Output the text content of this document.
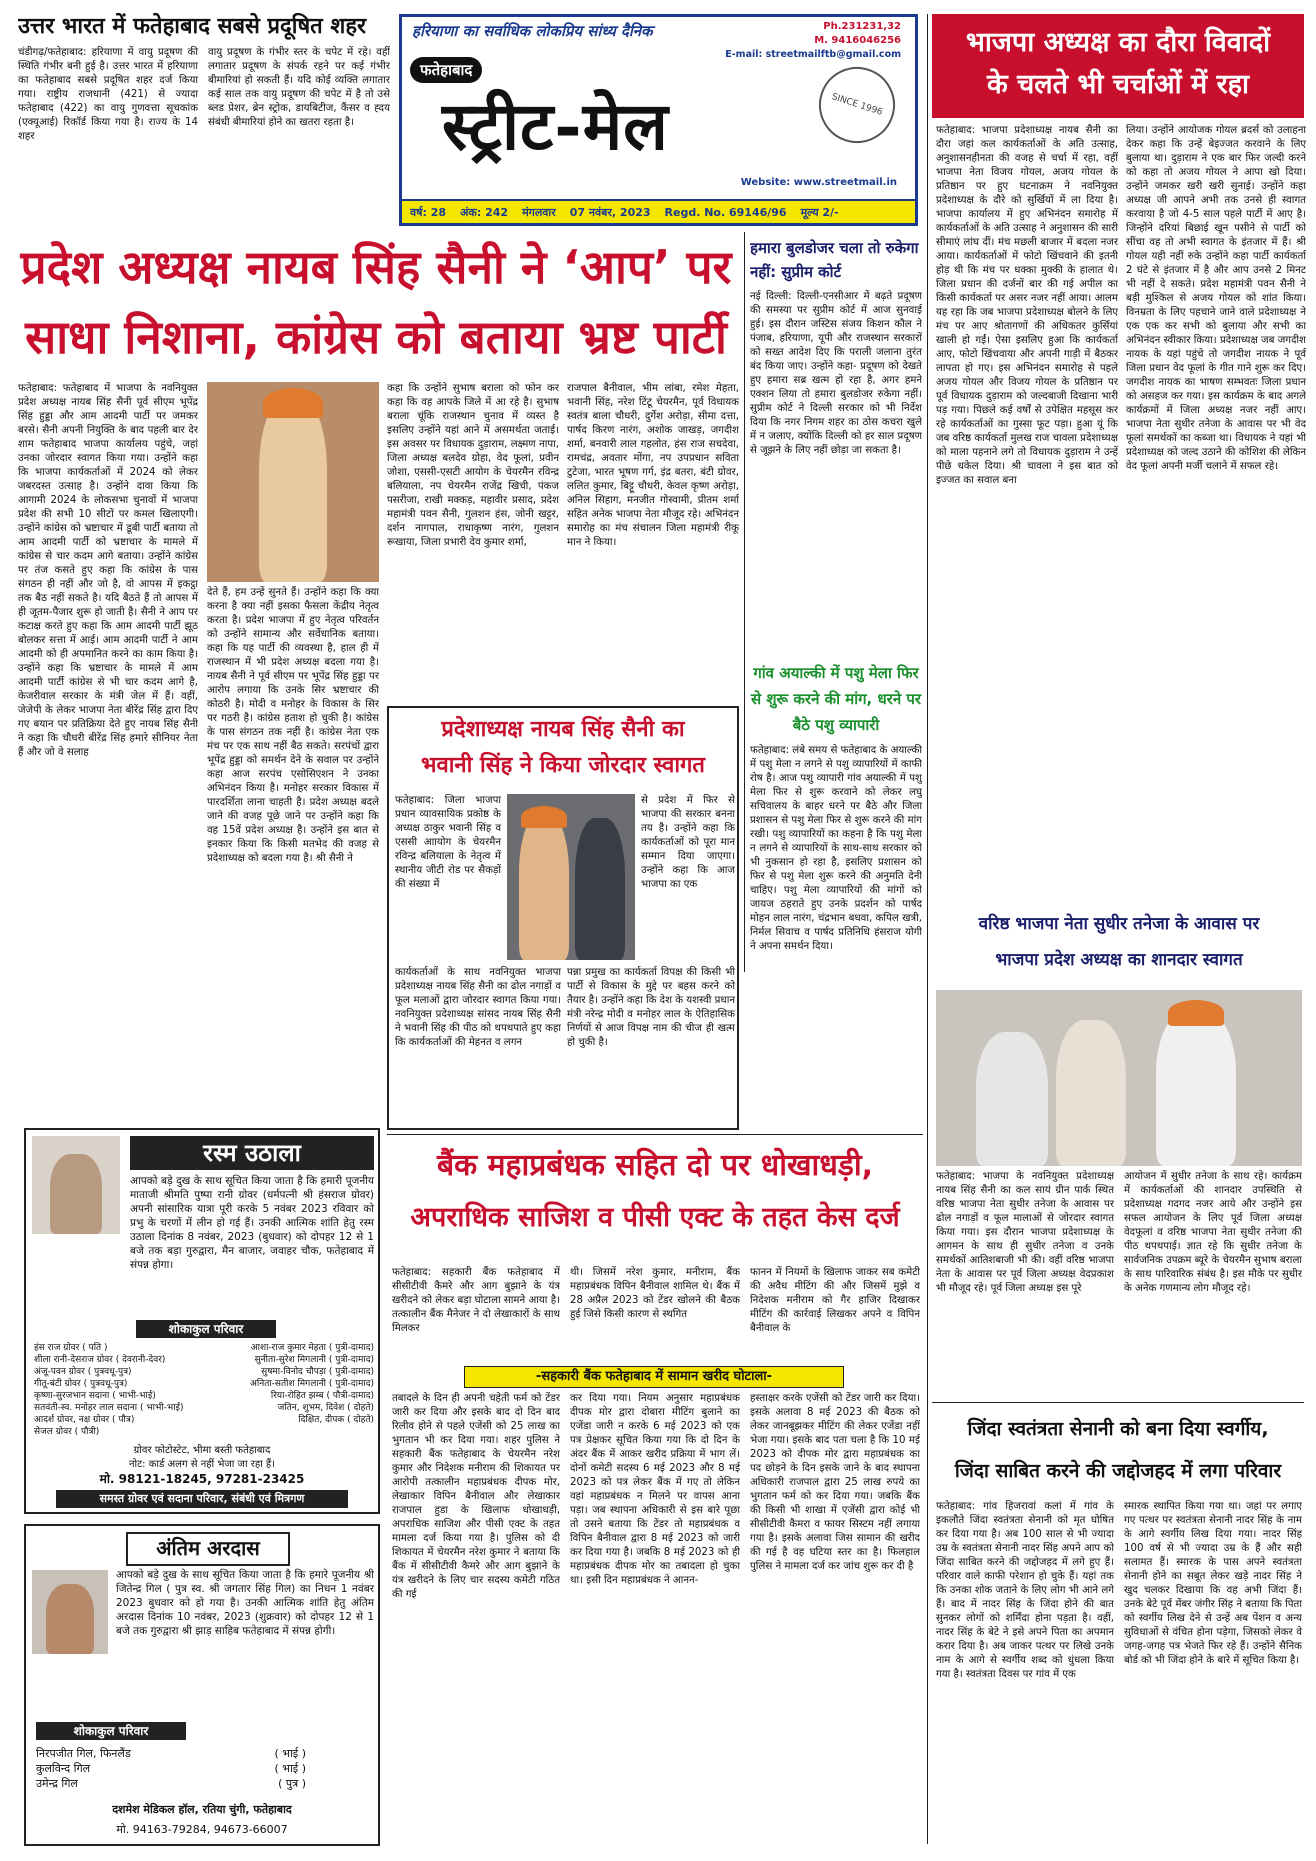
हरियाणा का सर्वाधिक लोकप्रिय सांध्य दैनिक	Ph.231231,32
M. 9416046256
E-mail: streetmailftb@gmail.com
फतेहाबाद
स्ट्रीट-मेल	SINCE 1996
Website: www.streetmail.in
वर्ष: 28 अंक: 242 मंगलवार 07 नवंबर, 2023 Regd. No. 69146/96 मूल्य 2/-
उत्तर भारत में फतेहाबाद सबसे प्रदूषित शहर
चंडीगढ़/फतेहाबाद: हरियाणा में वायु प्रदूषण की स्थिति गंभीर बनी हुई है। उत्तर भारत में हरियाणा का फतेहाबाद सबसे प्रदूषित शहर दर्ज किया गया। राष्ट्रीय राजधानी (421) से ज्यादा फतेहाबाद (422) का वायु गुणवत्ता सूचकांक (एक्यूआई) रिकॉर्ड किया गया है। राज्य के 14 शहर
वायु प्रदूषण के गंभीर स्तर के चपेट में रहे। वहीं लगातार प्रदूषण के संपर्क रहने पर कई गंभीर बीमारियां हो सकती हैं। यदि कोई व्यक्ति लगातार कई साल तक वायु प्रदूषण की चपेट में है तो उसे ब्लड प्रेशर, ब्रेन स्ट्रोक, डायबिटीज, कैंसर व ह्दय संबंधी बीमारियां होने का खतरा रहता है।
भाजपा अध्यक्ष का दौरा विवादों
के चलते भी चर्चाओं में रहा
फतेहाबाद: भाजपा प्रदेशाध्यक्ष नायब सैनी का दौरा जहां कल कार्यकर्ताओं के अति उत्साह, अनुशासनहीनता की वजह से चर्चा में रहा, वहीं भाजपा नेता विजय गोयल, अजय गोयल के प्रतिष्ठान पर हुए घटनाक्रम ने नवनियुक्त प्रदेशाध्यक्ष के दौरे को सुर्खियों में ला दिया है। भाजपा कार्यालय में हुए अभिनंदन समारोह में कार्यकर्ताओं के अति उत्साह ने अनुशासन की सारी सीमाएं लांघ दीं। मंच मछली बाजार में बदला नजर आया। कार्यकर्ताओं में फोटो खिंचवाने की इतनी होड़ थी कि मंच पर धक्का मुक्की के हालात थे। जिला प्रधान की दर्जनों बार की गई अपील का किसी कार्यकर्ता पर असर नजर नहीं आया। आलम यह रहा कि जब भाजपा प्रदेशाध्यक्ष बोलने के लिए मंच पर आए श्रोतागणों की अधिकतर कुर्सियां खाली हो गईं। ऐसा इसलिए हुआ कि कार्यकर्ता आए, फोटो खिंचवाया और अपनी गाड़ी में बैठकर लापता हो गए। इस अभिनंदन समारोह से पहले अजय गोयल और विजय गोयल के प्रतिष्ठान पर पूर्व विधायक दुड़ाराम को जल्दबाजी दिखाना भारी पड़ गया। पिछले कई वर्षों से उपेक्षित महसूस कर रहे कार्यकर्ताओं का गुस्सा फूट पड़ा। हुआ यूं कि जब वरिष्ठ कार्यकर्ता मुलख राज चावला प्रदेशाध्यक्ष को माला पहनाने लगे तो विधायक दुड़ाराम ने उन्हें पीछे धकेल दिया। श्री चावला ने इस बात को इज्जत का सवाल बना
लिया। उन्होंने आयोजक गोयल ब्रदर्स को उलाहना देकर कहा कि उन्हें बेइज्जत करवाने के लिए बुलाया था। दुड़ाराम ने एक बार फिर जल्दी करने को कहा तो अजय गोयल ने आपा खो दिया। उन्होंने जमकर खरी खरी सुनाई। उन्होंने कहा अध्यक्ष जी आपने अभी तक उनसे ही स्वागत करवाया है जो 4-5 साल पहले पार्टी में आए है। जिन्होंने दरियां बिछाई खून पसीने से पार्टी को सींचा वह तो अभी स्वागत के इंतजार में हैं। श्री गोयल यही नहीं रुके उन्होंने कहा पार्टी कार्यकर्ता 2 घंटे से इंतजार में है और आप उनसे 2 मिनट भी नहीं दे सकते। प्रदेश महामंत्री पवन सैनी ने बड़ी मुश्किल से अजय गोयल को शांत किया। विनम्रता के लिए पहचाने जाने वाले प्रदेशाध्यक्ष ने एक एक कर सभी को बुलाया और सभी का अभिनंदन स्वीकार किया। प्रदेशाध्यक्ष जब जगदीश नायक के यहां पहुंचे तो जगदीश नायक ने पूर्व जिला प्रधान वेद फूलां के गीत गाने शुरू कर दिए। जगदीश नायक का भाषण सम्भवतः जिला प्रधान को असहज कर गया। इस कार्यक्रम के बाद अगले कार्यक्रमों में जिला अध्यक्ष नजर नहीं आए। भाजपा नेता सुधीर तनेजा के आवास पर भी वेद फूलां समर्थकों का कब्जा था। विधायक ने यहां भी प्रदेशाध्यक्ष को जल्द उठाने की कोशिश की लेकिन वेद फूलां अपनी मर्जी चलाने में सफल रहे।
प्रदेश अध्यक्ष नायब सिंह सैनी ने ‘आप’ पर
साधा निशाना, कांग्रेस को बताया भ्रष्ट पार्टी
फतेहाबाद: फतेहाबाद में भाजपा के नवनियुक्त प्रदेश अध्यक्ष नायब सिंह सैनी पूर्व सीएम भूपेंद्र सिंह हुड्डा और आम आदमी पार्टी पर जमकर बरसे। सैनी अपनी नियुक्ति के बाद पहली बार देर शाम फतेहाबाद भाजपा कार्यालय पहुंचे, जहां उनका जोरदार स्वागत किया गया। उन्होंने कहा कि भाजपा कार्यकर्ताओं में 2024 को लेकर जबरदस्त उत्साह है। उन्होंने दावा किया कि आगामी 2024 के लोकसभा चुनावों में भाजपा प्रदेश की सभी 10 सीटों पर कमल खिलाएगी। उन्होंने कांग्रेस को भ्रष्टाचार में डूबी पार्टी बताया तो आम आदमी पार्टी को भ्रष्टाचार के मामले में कांग्रेस से चार कदम आगे बताया। उन्होंने कांग्रेस पर तंज कसते हुए कहा कि कांग्रेस के पास संगठन ही नहीं और जो है, वो आपस में इकट्ठा तक बैठ नहीं सकते है। यदि बैठते हैं तो आपस में ही जूतम-पैजार शुरू हो जाती है। सैनी ने आप पर कटाक्ष करते हुए कहा कि आम आदमी पार्टी झूठ बोलकर सत्ता में आई। आम आदमी पार्टी ने आम आदमी को ही अपमानित करने का काम किया है। उन्होंने कहा कि भ्रष्टाचार के मामले में आम आदमी पार्टी कांग्रेस से भी चार कदम आगे है, केजरीवाल सरकार के मंत्री जेल में हैं। वहीं, जेजेपी के लेकर भाजपा नेता बीरेंद्र सिंह द्वारा दिए गए बयान पर प्रतिक्रिया देते हुए नायब सिंह सैनी ने कहा कि चौधरी बीरेंद्र सिंह हमारे सीनियर नेता हैं और जो वे सलाह
देते हैं, हम उन्हें सुनते हैं। उन्होंने कहा कि क्या करना है क्या नहीं इसका फैसला केंद्रीय नेतृत्व करता है। प्रदेश भाजपा में हुए नेतृत्व परिवर्तन को उन्होंने सामान्य और सर्वेधानिक बताया। कहा कि यह पार्टी की व्यवस्था है, हाल ही में राजस्थान में भी प्रदेश अध्यक्ष बदला गया है। नायब सैनी ने पूर्व सीएम पर भूपेंद्र सिंह हुड्डा पर आरोप लगाया कि उनके सिर भ्रष्टाचार की कोठरी है। मोदी व मनोहर के विकास के सिर पर गठरी है। कांग्रेस हताश हो चुकी है। कांग्रेस के पास संगठन तक नहीं है। कांग्रेस नेता एक मंच पर एक साथ नहीं बैठ सकते। सरपंचों द्वारा भूपेंद्र हुड्डा को समर्थन देने के सवाल पर उन्होंने कहा आज सरपंच एसोसिएशन ने उनका अभिनंदन किया है। मनोहर सरकार विकास में पारदर्शिता लाना चाहती है। प्रदेश अध्यक्ष बदले जाने की वजह पूछे जाने पर उन्होंने कहा कि वह 15वें प्रदेश अध्यक्ष है। उन्होंने इस बात से इनकार किया कि किसी मतभेद की वजह से प्रदेशाध्यक्ष को बदला गया है। श्री सैनी ने
कहा कि उन्होंने सुभाष बराला को फोन कर कहा कि वह आपके जिले में आ रहे है। सुभाष बराला चूंकि राजस्थान चुनाव में व्यस्त है इसलिए उन्होंने यहां आने में असमर्थता जताई। इस अवसर पर विधायक दुड़ाराम, लक्ष्मण नापा, जिला अध्यक्ष बलदेव ग्रोहा, वेद फूलां, प्रवीन जोशा, एससी-एसटी आयोग के चेयरमैन रविन्द्र बलियाला, नप चेयरमैन राजेंद्र खिची, पंकज पसरीजा, राखी मक्कड़, महावीर प्रसाद, प्रदेश महामंत्री पवन सैनी, गुलशन हंस, जोनी खट्टर, दर्शन नागपाल, राधाकृष्ण नारंग, गुलशन रूखाया, जिला प्रभारी देव कुमार शर्मा,
राजपाल बैनीवाल, भीम लांबा, रमेश मेहता, भवानी सिंह, नरेश टिंटू चेयरमैन, पूर्व विधायक स्वतंत्र बाला चौधरी, दुर्गेश अरोड़ा, सीमा दत्ता, पार्षद किरण नारंग, अशोक जाखड़, जगदीश शर्मा, बनवारी लाल गहलोत, हंस राज सचदेवा, रामचंद्र, अवतार मोंगा, नप उपप्रधान सविता टुटेजा, भारत भूषण गर्ग, इंद्र बतरा, बंटी ग्रोवर, ललित कुमार, बिट्टू चौधरी, केवल कृष्ण अरोड़ा, अनिल सिहाग, मनजीत गोस्वामी, प्रीतम शर्मा सहित अनेक भाजपा नेता मौजूद रहे। अभिनंदन समारोह का मंच संचालन जिला महामंत्री रीकू मान ने किया।
हमारा बुलडोजर चला तो रुकेगा नहीं: सुप्रीम कोर्ट
नई दिल्ली: दिल्ली-एनसीआर में बढ़ते प्रदूषण की समस्या पर सुप्रीम कोर्ट में आज सुनवाई हुई। इस दौरान जस्टिस संजय किशन कौल ने पंजाब, हरियाणा, यूपी और राजस्थान सरकारों को सख्त आदेश दिए कि पराली जलाना तुरंत बंद किया जाए। उन्होंने कहा- प्रदूषण को देखते हुए हमारा सब्र खत्म हो रहा है, अगर हमने एक्शन लिया तो हमारा बुलडोजर रुकेगा नहीं। सुप्रीम कोर्ट ने दिल्ली सरकार को भी निर्देश दिया कि नगर निगम शहर का ठोस कचरा खुले में न जलाए, क्योंकि दिल्ली को हर साल प्रदूषण से जूझने के लिए नहीं छोड़ा जा सकता है।
गांव अयाल्की में पशु मेला फिर से शुरू करने की मांग, धरने पर बैठे पशु व्यापारी
फतेहाबाद: लंबे समय से फतेहाबाद के अयाल्की में पशु मेला न लगने से पशु व्यापारियों में काफी रोष है। आज पशु व्यापारी गांव अयाल्की में पशु मेला फिर से शुरू करवाने को लेकर लघु सचिवालय के बाहर धरने पर बैठे और जिला प्रशासन से पशु मेला फिर से शुरू करने की मांग रखी। पशु व्यापारियों का कहना है कि पशु मेला न लगने से व्यापारियों के साथ-साथ सरकार को भी नुकसान हो रहा है, इसलिए प्रशासन को फिर से पशु मेला शुरू करने की अनुमति देनी चाहिए। पशु मेला व्यापारियों की मांगों को जायज ठहराते हुए उनके प्रदर्शन को पार्षद मोहन लाल नारंग, चंद्रभान बधवा, कपिल खत्री, निर्मल सिवाच व पार्षद प्रतिनिधि हंसराज योगी ने अपना समर्थन दिया।
प्रदेशाध्यक्ष नायब सिंह सैनी का
भवानी सिंह ने किया जोरदार स्वागत
फतेहाबाद: जिला भाजपा प्रधान व्यावसायिक प्रकोष्ठ के अध्यक्ष ठाकुर भवानी सिंह व एससी आायोग के चेयरमैन रविन्द्र बलियाला के नेतृत्व में स्थानीय जीटी रोड पर सैकड़ों की संख्या में
से प्रदेश में फिर से भाजपा की सरकार बनना तय है। उन्होंने कहा कि कार्यकर्ताओं को पूरा मान सम्मान दिया जाएगा। उन्होंने कहा कि आज भाजपा का एक
कार्यकर्ताओं के साथ नवनियुक्त भाजपा प्रदेशाध्यक्ष नायब सिंह सैनी का ढोल नगाड़ों व फूल मलाओं द्वारा जोरदार स्वागत किया गया। नवनियुक्त प्रदेशाध्यक्ष सांसद नायब सिंह सैनी ने भवानी सिंह की पीठ को थपथपाते हुए कहा कि कार्यकर्ताओं की मेहनत व लगन
पन्ना प्रमुख का कार्यकर्ता विपक्ष की किसी भी पार्टी से विकास के मुद्दे पर बहस करने को तैयार है। उन्होंने कहा कि देश के यशस्वी प्रधान मंत्री नरेन्द्र मोदी व मनोहर लाल के ऐतिहासिक निर्णयों से आज विपक्ष नाम की चीज ही खत्म हो चुकी है।
वरिष्ठ भाजपा नेता सुधीर तनेजा के आवास पर
भाजपा प्रदेश अध्यक्ष का शानदार स्वागत
फतेहाबाद: भाजपा के नवनियुक्त प्रदेशाध्यक्ष नायब सिंह सैनी का कल सायं ग्रीन पार्क स्थित वरिष्ठ भाजपा नेता सुधीर तनेजा के आवास पर ढोल नगाड़ों व फूल मालाओं से जोरदार स्वागत किया गया। इस दौरान भाजपा प्रदेशाध्यक्ष के आगमन के साथ ही सुधीर तनेजा व उनके समर्थकों आतिशबाजी भी की। वहीं वरिष्ठ भाजपा नेता के आवास पर पूर्व जिला अध्यक्ष वेदप्रकाश भी मौजूद रहे। पूर्व जिला अध्यक्ष इस पूरे
आयोजन में सुधीर तनेजा के साथ रहे। कार्यक्रम में कार्यकर्ताओं की शानदार उपस्थिति से प्रदेशाध्यक्ष गदगद नजर आये और उन्होंने इस सफल आयोजन के लिए पूर्व जिला अध्यक्ष वेदफूलां व वरिष्ठ भाजपा नेता सुधीर तनेजा की पीठ थपथपाई। ज्ञात रहे कि सुधीर तनेजा के सार्वजनिक उपक्रम ब्यूरे के चेयरमैन सुभाष बराला के साथ पारिवारिक संबंध है। इस मौके पर सुधीर के अनेक गणमान्य लोग मौजूद रहे।
रस्म उठाला
आपको बड़े दुख के साथ सूचित किया जाता है कि हमारी पूजनीय माताजी श्रीमति पुष्पा रानी ग्रोवर (धर्मपत्नी श्री हंसराज ग्रोवर) अपनी सांसारिक यात्रा पूरी करके 5 नवंबर 2023 रविवार को प्रभु के चरणों में लीन हो गई हैं। उनकी आत्मिक शांति हेतु रस्म उठाला दिनांक 8 नवंबर, 2023 (बुधवार) को दोपहर 12 से 1 बजे तक बड़ा गुरुद्वारा, मैन बाजार, जवाहर चौक, फतेहाबाद में संपन्न होगा।
शोकाकुल परिवार
हंस राज ग्रोवर ( पति )	आशा-राज कुमार मेहता ( पुत्री-दामाद)
शीला रानी-देसराज ग्रोवर ( देवरानी-देवर)	सुनीता-सुरेश मिगलानी ( पुत्री-दामाद)
अंजू-पवन ग्रोवर ( पुत्रवधू-पुत्र)	सुषमा-विनोद चौपड़ा ( पुत्री-दामाद)
गीतू-बंटी ग्रोवर ( पुत्रवधू-पुत्र)	अनिता-सतीश मिगलानी ( पुत्री-दामाद)
कृष्णा-सुरजभान सदाना ( भाभी-भाई)	रिया-रोहित झम्ब ( पौत्री-दामाद)
सतवंती-स्व. मनोहर लाल सदाना ( भाभी-भाई)	जतिन, शुभम, दिवेश ( दोहते)
आदर्श ग्रोवर, नक्ष ग्रोवर ( पौत्र)	दिक्षित, दीपक ( दोहते)
सेजल ग्रोवर ( पौत्री)
ग्रोवर फोटोस्टेट, भीमा बस्ती फतेहाबाद
नोट: कार्ड अलग से नहीं भेजा जा रहा हैं।
मो. 98121-18245, 97281-23425
समस्त ग्रोवर एवं सदाना परिवार, संबंधी एवं मित्रगण
अंतिम अरदास
आपको बड़े दुख के साथ सूचित किया जाता है कि हमारे पूजनीय श्री जितेन्द्र गिल ( पुत्र स्व. श्री जगतार सिंह गिल) का निधन 1 नवंबर 2023 बुधवार को हो गया है। उनकी आत्मिक शांति हेतु अंतिम अरदास दिनांक 10 नवंबर, 2023 (शुक्रवार) को दोपहर 12 से 1 बजे तक गुरुद्वारा श्री झाड़ साहिब फतेहाबाद में संपन्न होगी।
शोकाकुल परिवार
निरपजीत गिल, फिनलैंड	( भाई )
कुलविन्द गिल	( भाई )
उमेन्द्र गिल	( पुत्र )
दशमेश मेडिकल हॉल, रतिया चुंगी, फतेहाबाद
मो. 94163-79284, 94673-66007
बैंक महाप्रबंधक सहित दो पर धोखाधड़ी,
अपराधिक साजिश व पीसी एक्ट के तहत केस दर्ज
फतेहाबाद: सहकारी बैंक फतेहाबाद में सीसीटीवी कैमरे और आग बुझाने के यंत्र खरीदने को लेकर बड़ा घोटाला सामने आया है। तत्कालीन बैंक मैनेजर ने दो लेखाकारों के साथ मिलकर
थी। जिसमें नरेश कुमार, मनीराम, बैंक महाप्रबंधक विपिन बैनीवाल शामिल थे। बैंक में 28 अप्रैल 2023 को टेंडर खोलने की बैठक हुई जिसे किसी कारण से स्थगित
फानन में नियमों के खिलाफ जाकर सब कमेटी की अवैध मीटिंग की और जिसमें मुझे व निदेशक मनीराम को गैर हाजिर दिखाकर मीटिंग की कार्रवाई लिखकर अपने व विपिन बैनीवाल के
-सहकारी बैंक फतेहाबाद में सामान खरीद घोटाला-
तबादले के दिन ही अपनी चहेती फर्म को टेंडर जारी कर दिया और इसके बाद दो दिन बाद रिलीव होने से पहले एजेंसी को 25 लाख का भुगतान भी कर दिया गया। शहर पुलिस ने सहकारी बैंक फतेहाबाद के चेयरमैन नरेश कुमार और निदेशक मनीराम की शिकायत पर आरोपी तत्कालीन महाप्रबंधक दीपक मोर, लेखाकार विपिन बैनीवाल और लेखाकार राजपाल हुडा के खिलाफ धोखाधड़ी, अपराधिक साजिश और पीसी एक्ट के तहत मामला दर्ज किया गया है। पुलिस को दी शिकायत में चेयरमैन नरेश कुमार ने बताया कि बैंक में सीसीटीवी कैमरे और आग बुझाने के यंत्र खरीदने के लिए चार सदस्य कमेटी गठित की गई
कर दिया गया। नियम अनुसार महाप्रबंधक दीपक मोर द्वारा दोबारा मीटिंग बुलाने का एजेंडा जारी न करके 6 मई 2023 को एक पत्र प्रेक्षकर सूचित किया गया कि दो दिन के अंदर बैंक में आकर खरीद प्रक्रिया में भाग लें। दोनों कमेटी सदस्य 6 मई 2023 और 8 मई 2023 को पत्र लेकर बैंक में गए तो लेकिन वहां महाप्रबंधक न मिलने पर वापस आना पड़ा। जब स्थापना अधिकारी से इस बारे पूछा तो उसने बताया कि टेंडर तो महाप्रबंधक व विपिन बैनीवाल द्वारा 8 मई 2023 को जारी कर दिया गया है। जबकि 8 मई 2023 को ही महाप्रबंधक दीपक मोर का तबादला हो चुका था। इसी दिन महाप्रबंधक ने आनन-
हस्ताक्षर करके एजेंसी को टेंडर जारी कर दिया। इसके अलावा 8 मई 2023 की बैठक को लेकर जानबूझकर मीटिंग की लेकर एजेंडा नहीं भेजा गया। इसके बाद पता चला है कि 10 मई 2023 को दीपक मोर द्वारा महाप्रबंधक का पद छोड़ने के दिन इसके जाने के बाद स्थापना अधिकारी राजपाल द्वारा 25 लाख रुपये का भुगतान फर्म को कर दिया गया। जबकि बैंक की किसी भी शाखा में एजेंसी द्वारा कोई भी सीसीटीवी कैमरा व फायर सिस्टम नहीं लगाया गया है। इसके अलावा जिस सामान की खरीद की गई है वह घटिया स्तर का है। फिलहाल पुलिस ने मामला दर्ज कर जांच शुरू कर दी है
जिंदा स्वतंत्रता सेनानी को बना दिया स्वर्गीय,
जिंदा साबित करने की जद्दोजहद में लगा परिवार
फतेहाबाद: गांव हिजरावां कलां में गांव के इकलौते जिंदा स्वतंत्रता सेनानी को मृत घोषित कर दिया गया है। अब 100 साल से भी ज्यादा उम्र के स्वतंत्रता सेनानी नादर सिंह अपने आप को जिंदा साबित करने की जद्दोजहद में लगे हुए हैं। परिवार वाले काफी परेशान हो चुके हैं। यहां तक कि उनका शोक जताने के लिए लोग भी आने लगे हैं। बाद में नादर सिंह के जिंदा होने की बात सुनकर लोगों को शर्मिंदा होना पड़ता है। वहीं, नादर सिंह के बेटे ने इसे अपने पिता का अपमान करार दिया है। अब जाकर पत्थर पर लिखे उनके नाम के आगे से स्वर्गीय शब्द को धुंधला किया गया है। स्वतंत्रता दिवस पर गांव में एक
स्मारक स्थापित किया गया था। जहां पर लगाए गए पत्थर पर स्वतंत्रता सेनानी नादर सिंह के नाम के आगे स्वर्गीय लिख दिया गया। नादर सिंह 100 वर्ष से भी ज्यादा उम्र के हैं और सही सलामत हैं। स्मारक के पास अपने स्वतंत्रता सेनानी होने का सबूत लेकर खड़े नादर सिंह ने खुद चलकर दिखाया कि वह अभी जिंदा हैं। उनके बेटे पूर्व मेंबर जंगीर सिंह ने बताया कि पिता को स्वर्गीय लिख देने से उन्हें अब पेंशन व अन्य सुविधाओं से वंचित होना पड़ेगा, जिसको लेकर वे जगह-जगह पत्र भेजते फिर रहे हैं। उन्होंने सैनिक बोर्ड को भी जिंदा होने के बारे में सूचित किया है।
